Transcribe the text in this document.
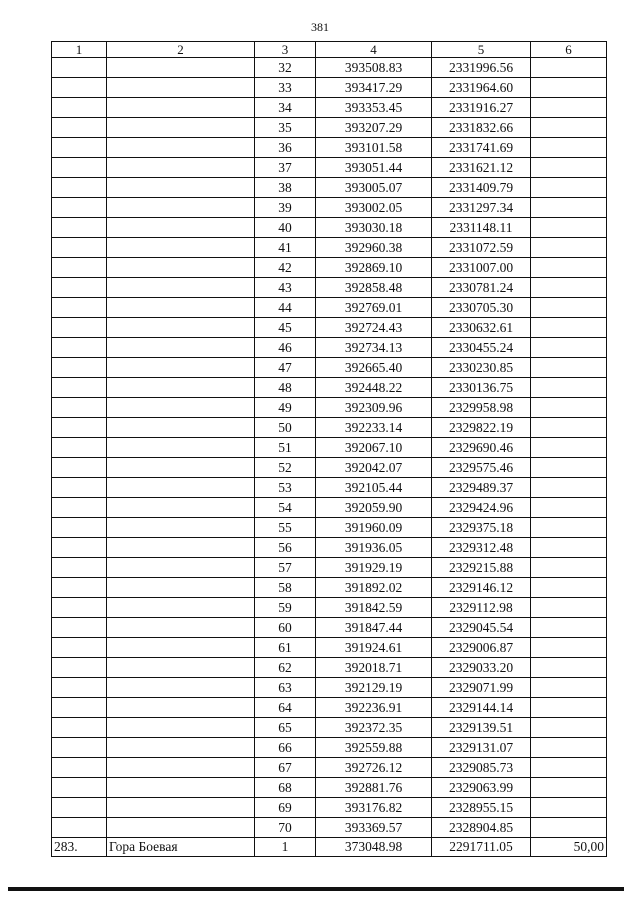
381
1	2	3	4	5	6
		32	393508.83	2331996.56	
		33	393417.29	2331964.60	
		34	393353.45	2331916.27	
		35	393207.29	2331832.66	
		36	393101.58	2331741.69	
		37	393051.44	2331621.12	
		38	393005.07	2331409.79	
		39	393002.05	2331297.34	
		40	393030.18	2331148.11	
		41	392960.38	2331072.59	
		42	392869.10	2331007.00	
		43	392858.48	2330781.24	
		44	392769.01	2330705.30	
		45	392724.43	2330632.61	
		46	392734.13	2330455.24	
		47	392665.40	2330230.85	
		48	392448.22	2330136.75	
		49	392309.96	2329958.98	
		50	392233.14	2329822.19	
		51	392067.10	2329690.46	
		52	392042.07	2329575.46	
		53	392105.44	2329489.37	
		54	392059.90	2329424.96	
		55	391960.09	2329375.18	
		56	391936.05	2329312.48	
		57	391929.19	2329215.88	
		58	391892.02	2329146.12	
		59	391842.59	2329112.98	
		60	391847.44	2329045.54	
		61	391924.61	2329006.87	
		62	392018.71	2329033.20	
		63	392129.19	2329071.99	
		64	392236.91	2329144.14	
		65	392372.35	2329139.51	
		66	392559.88	2329131.07	
		67	392726.12	2329085.73	
		68	392881.76	2329063.99	
		69	393176.82	2328955.15	
		70	393369.57	2328904.85	
283.	Гора Боевая	1	373048.98	2291711.05	50,00
